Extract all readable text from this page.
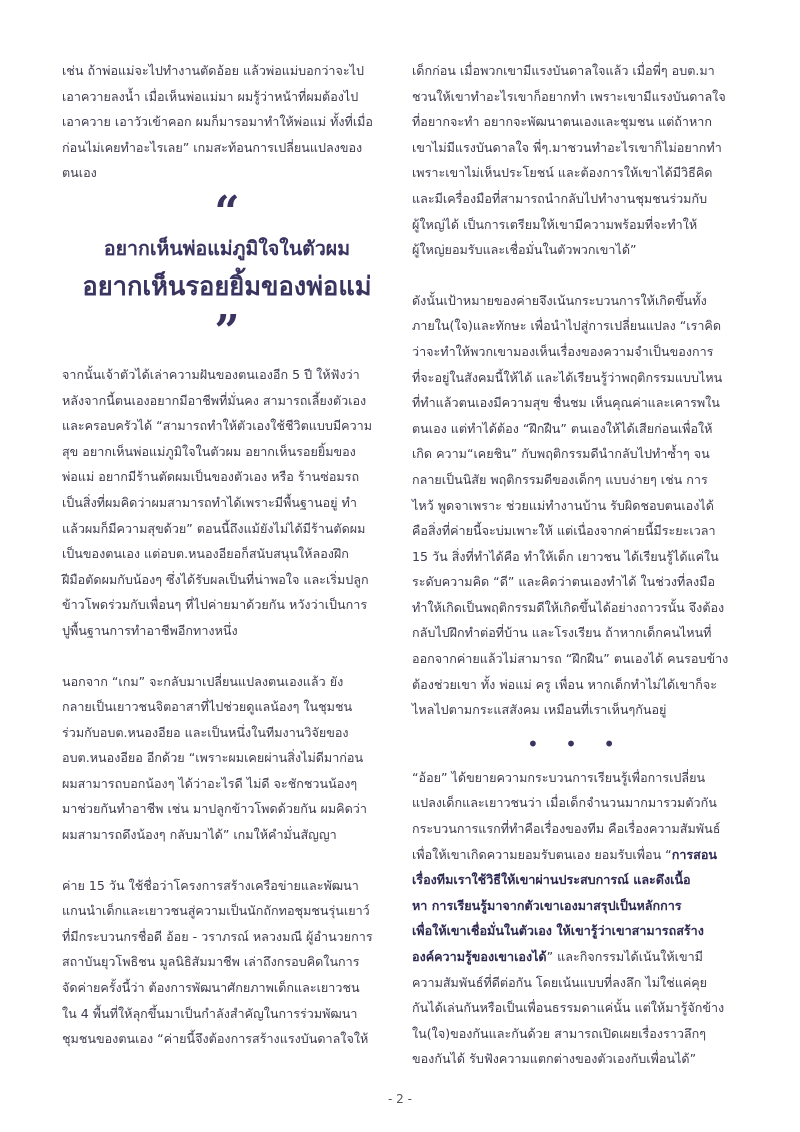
เช่น ถ้าพ่อแม่จะไปทำงานตัดอ้อย แล้วพ่อแม่บอกว่าจะไป
เอาควายลงน้ำ เมื่อเห็นพ่อแม่มา ผมรู้ว่าหน้าที่ผมต้องไป
เอาควาย เอาวัวเข้าคอก ผมก็มารอมาทำให้พ่อแม่ ทั้งที่เมื่อ
ก่อนไม่เคยทำอะไรเลย” เกมสะท้อนการเปลี่ยนแปลงของ
ตนเอง

“
อยากเห็นพ่อแม่ภูมิใจในตัวผม
อยากเห็นรอยยิ้มของพ่อแม่
”

จากนั้นเจ้าตัวได้เล่าความฝันของตนเองอีก 5 ปี ให้ฟังว่า
หลังจากนี้ตนเองอยากมีอาชีพที่มั่นคง สามารถเลี้ยงตัวเอง
และครอบครัวได้ “สามารถทำให้ตัวเองใช้ชีวิตแบบมีความ
สุข อยากเห็นพ่อแม่ภูมิใจในตัวผม อยากเห็นรอยยิ้มของ
พ่อแม่ อยากมีร้านตัดผมเป็นของตัวเอง หรือ ร้านซ่อมรถ
เป็นสิ่งที่ผมคิดว่าผมสามารถทำได้เพราะมีพื้นฐานอยู่ ทำ
แล้วผมก็มีความสุขด้วย” ตอนนี้ถึงแม้ยังไม่ได้มีร้านตัดผม
เป็นของตนเอง แต่อบต.หนองอียอก็สนับสนุนให้ลองฝึก
ฝีมือตัดผมกับน้องๆ ซึ่งได้รับผลเป็นที่น่าพอใจ และเริ่มปลูก
ข้าวโพดร่วมกับเพื่อนๆ ที่ไปค่ายมาด้วยกัน หวังว่าเป็นการ
ปูพื้นฐานการทำอาชีพอีกทางหนึ่ง

นอกจาก “เกม” จะกลับมาเปลี่ยนแปลงตนเองแล้ว ยัง
กลายเป็นเยาวชนจิตอาสาที่ไปช่วยดูแลน้องๆ ในชุมชน
ร่วมกับอบต.หนองอียอ และเป็นหนึ่งในทีมงานวิจัยของ
อบต.หนองอียอ อีกด้วย “เพราะผมเคยผ่านสิ่งไม่ดีมาก่อน
ผมสามารถบอกน้องๆ ได้ว่าอะไรดี ไม่ดี จะชักชวนน้องๆ
มาช่วยกันทำอาชีพ เช่น มาปลูกข้าวโพดด้วยกัน ผมคิดว่า
ผมสามารถดึงน้องๆ กลับมาได้” เกมให้คำมั่นสัญญา

ค่าย 15 วัน ใช้ชื่อว่าโครงการสร้างเครือข่ายและพัฒนา
แกนนำเด็กและเยาวชนสู่ความเป็นนักถักทอชุมชนรุ่นเยาว์
ที่มีกระบวนกรชื่อดี อ้อย - วราภรณ์ หลวงมณี ผู้อำนวยการ
สถาบันยุวโพธิชน มูลนิธิสัมมาชีพ เล่าถึงกรอบคิดในการ
จัดค่ายครั้งนี้ว่า ต้องการพัฒนาศักยภาพเด็กและเยาวชน
ใน 4 พื้นที่ให้ลุกขึ้นมาเป็นกำลังสำคัญในการร่วมพัฒนา
ชุมชนของตนเอง “ค่ายนี้จึงต้องการสร้างแรงบันดาลใจให้

เด็กก่อน เมื่อพวกเขามีแรงบันดาลใจแล้ว เมื่อพี่ๆ อบต.มา
ชวนให้เขาทำอะไรเขาก็อยากทำ เพราะเขามีแรงบันดาลใจ
ที่อยากจะทำ อยากจะพัฒนาตนเองและชุมชน แต่ถ้าหาก
เขาไม่มีแรงบันดาลใจ พี่ๆ.มาชวนทำอะไรเขาก็ไม่อยากทำ
เพราะเขาไม่เห็นประโยชน์ และต้องการให้เขาได้มีวิธีคิด
และมีเครื่องมือที่สามารถนำกลับไปทำงานชุมชนร่วมกับ
ผู้ใหญ่ได้ เป็นการเตรียมให้เขามีความพร้อมที่จะทำให้
ผู้ใหญ่ยอมรับและเชื่อมั่นในตัวพวกเขาได้”

ดังนั้นเป้าหมายของค่ายจึงเน้นกระบวนการให้เกิดขึ้นทั้ง
ภายใน(ใจ)และทักษะ เพื่อนำไปสู่การเปลี่ยนแปลง “เราคิด
ว่าจะทำให้พวกเขามองเห็นเรื่องของความจำเป็นของการ
ที่จะอยู่ในสังคมนี้ให้ได้ และได้เรียนรู้ว่าพฤติกรรมแบบไหน
ที่ทำแล้วตนเองมีความสุข ชื่นชม เห็นคุณค่าและเคารพใน
ตนเอง แต่ทำได้ต้อง “ฝึกฝืน” ตนเองให้ได้เสียก่อนเพื่อให้
เกิด ความ“เคยชิน” กับพฤติกรรมดีนำกลับไปทำซ้ำๆ จน
กลายเป็นนิสัย พฤติกรรมดีของเด็กๆ แบบง่ายๆ เช่น การ
ไหว้ พูดจาเพราะ ช่วยแม่ทำงานบ้าน รับผิดชอบตนเองได้
คือสิ่งที่ค่ายนี้จะบ่มเพาะให้ แต่เนื่องจากค่ายนี้มีระยะเวลา
15 วัน สิ่งที่ทำได้คือ ทำให้เด็ก เยาวชน ได้เรียนรู้ได้แค่ใน
ระดับความคิด “ดี” และคิดว่าตนเองทำได้ ในช่วงที่ลงมือ
ทำให้เกิดเป็นพฤติกรรมดีให้เกิดขึ้นได้อย่างถาวรนั้น จึงต้อง
กลับไปฝึกทำต่อที่บ้าน และโรงเรียน ถ้าหากเด็กคนไหนที่
ออกจากค่ายแล้วไม่สามารถ “ฝึกฝืน” ตนเองได้ คนรอบข้าง
ต้องช่วยเขา ทั้ง พ่อแม่ ครู เพื่อน หากเด็กทำไม่ได้เขาก็จะ
ไหลไปตามกระแสสังคม เหมือนที่เราเห็นๆกันอยู่

• • •

“อ้อย” ได้ขยายความกระบวนการเรียนรู้เพื่อการเปลี่ยน
แปลงเด็กและเยาวชนว่า เมื่อเด็กจำนวนมากมารวมตัวกัน
กระบวนการแรกที่ทำคือเรื่องของทีม คือเรื่องความสัมพันธ์
เพื่อให้เขาเกิดความยอมรับตนเอง ยอมรับเพื่อน “การสอน
เรื่องทีมเราใช้วิธีให้เขาผ่านประสบการณ์ และดึงเนื้อ
หา การเรียนรู้มาจากตัวเขาเองมาสรุปเป็นหลักการ
เพื่อให้เขาเชื่อมั่นในตัวเอง ให้เขารู้ว่าเขาสามารถสร้าง
องค์ความรู้ของเขาเองได้” และกิจกรรมได้เน้นให้เขามี
ความสัมพันธ์ที่ดีต่อกัน โดยเน้นแบบที่ลงลึก ไม่ใช่แค่คุย
กันได้เล่นกันหรือเป็นเพื่อนธรรมดาแค่นั้น แต่ให้มารู้จักข้าง
ใน(ใจ)ของกันและกันด้วย สามารถเปิดเผยเรื่องราวลึกๆ
ของกันได้ รับฟังความแตกต่างของตัวเองกับเพื่อนได้”

- 2 -
